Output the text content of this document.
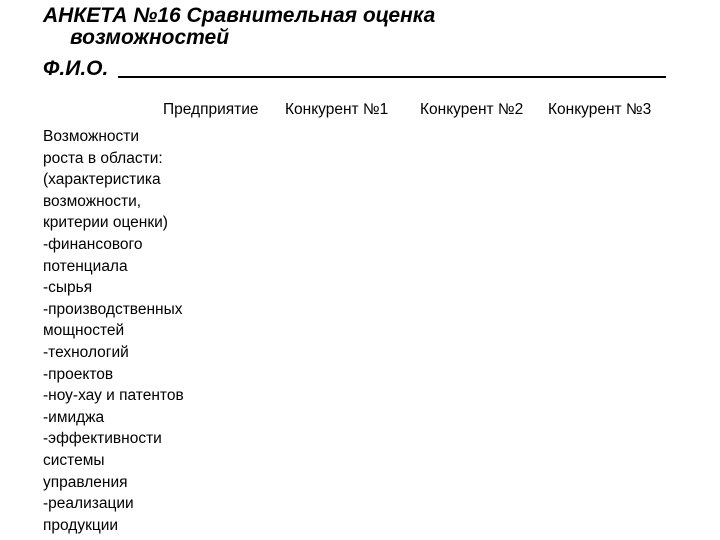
АНКЕТА №16 Сравнительная оценка
возможностей
Ф.И.О.
Предприятие Конкурент №1 Конкурент №2 Конкурент №3
Возможности
роста в области:
(характеристика
возможности,
критерии оценки)
-финансового
потенциала
-сырья
-производственных
мощностей
-технологий
-проектов
-ноу-хау и патентов
-имиджа
-эффективности
системы
управления
-реализации
продукции
